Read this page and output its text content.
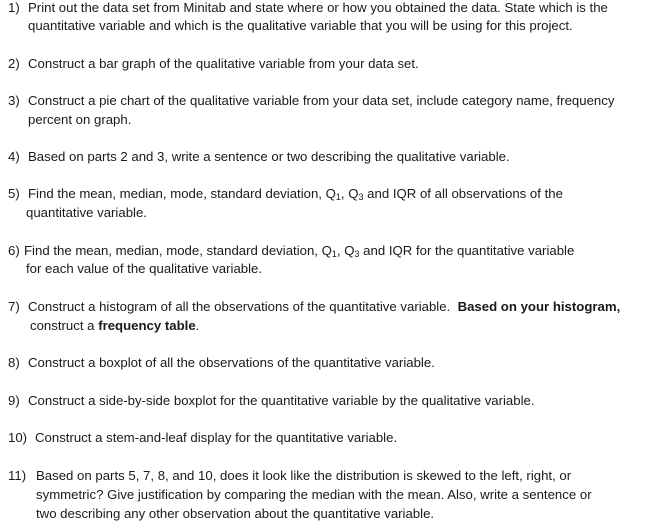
1) Print out the data set from Minitab and state where or how you obtained the data. State which is the
quantitative variable and which is the qualitative variable that you will be using for this project.
2) Construct a bar graph of the qualitative variable from your data set.
3) Construct a pie chart of the qualitative variable from your data set, include category name, frequency
percent on graph.
4) Based on parts 2 and 3, write a sentence or two describing the qualitative variable.
5) Find the mean, median, mode, standard deviation, $Q_1$, $Q_3$ and IQR of all observations of the
quantitative variable.
6) Find the mean, median, mode, standard deviation, $Q_1$, $Q_3$ and IQR for the quantitative variable
for each value of the qualitative variable.
7) Construct a histogram of all the observations of the quantitative variable. Based on your histogram,
construct a frequency table.
8) Construct a boxplot of all the observations of the quantitative variable.
9) Construct a side-by-side boxplot for the quantitative variable by the qualitative variable.
10) Construct a stem-and-leaf display for the quantitative variable.
11) Based on parts 5, 7, 8, and 10, does it look like the distribution is skewed to the left, right, or
symmetric? Give justification by comparing the median with the mean. Also, write a sentence or
two describing any other observation about the quantitative variable.
